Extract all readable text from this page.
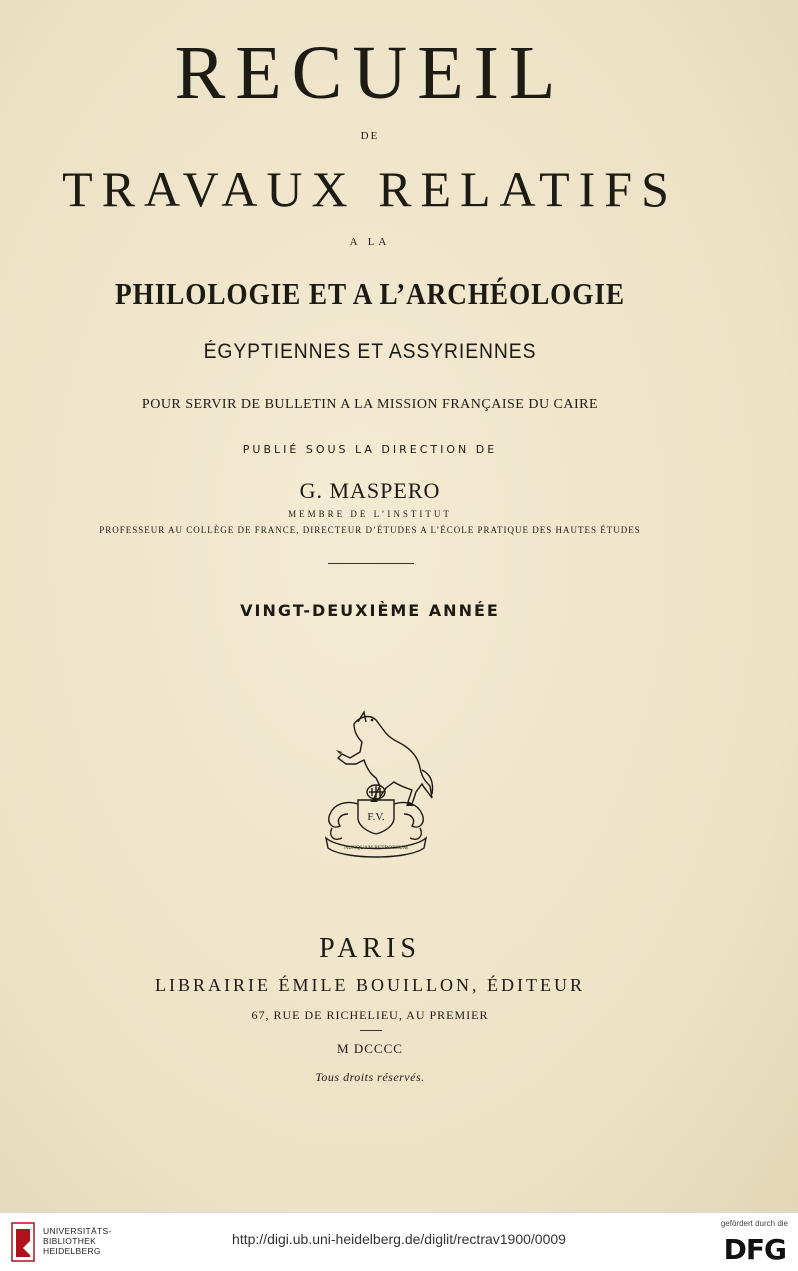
RECUEIL
DE
TRAVAUX RELATIFS
A LA
PHILOLOGIE ET A L’ARCHÉOLOGIE
ÉGYPTIENNES ET ASSYRIENNES
POUR SERVIR DE BULLETIN A LA MISSION FRANÇAISE DU CAIRE
PUBLIÉ SOUS LA DIRECTION DE
G. MASPERO
MEMBRE DE L’INSTITUT
PROFESSEUR AU COLLÈGE DE FRANCE, DIRECTEUR D’ÉTUDES A L’ÉCOLE PRATIQUE DES HAUTES ÉTUDES
VINGT-DEUXIÈME ANNÉE
F.V.
NUNQUAM RETRORSUM
PARIS
LIBRAIRIE ÉMILE BOUILLON, ÉDITEUR
67, RUE DE RICHELIEU, AU PREMIER
M DCCCC
Tous droits réservés.
UNIVERSITÄTS-
BIBLIOTHEK
HEIDELBERG
http://digi.ub.uni-heidelberg.de/diglit/rectrav1900/0009
gefördert durch die
DFG
